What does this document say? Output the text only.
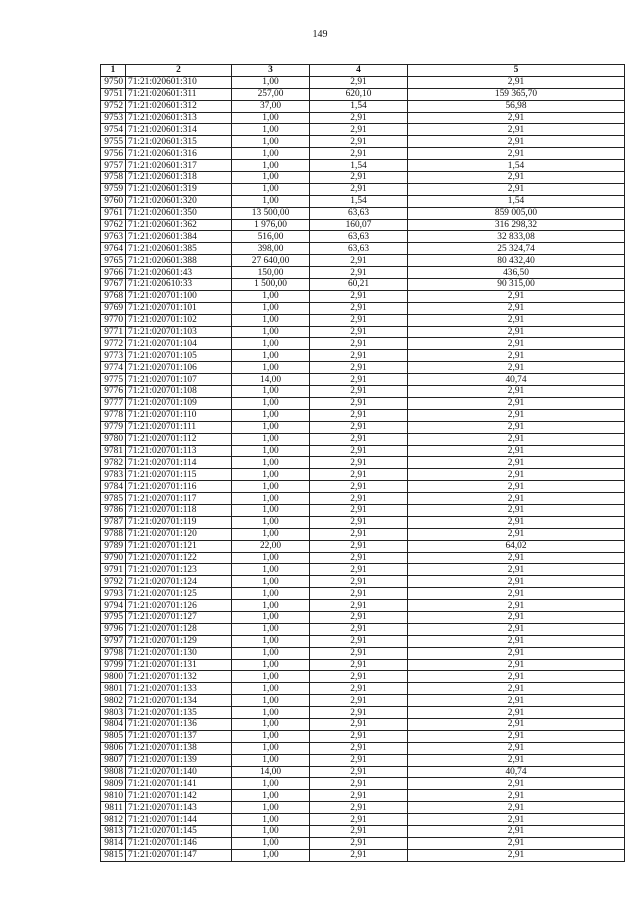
149
1	2	3	4	5
9750	71:21:020601:310	1,00	2,91	2,91
9751	71:21:020601:311	257,00	620,10	159 365,70
9752	71:21:020601:312	37,00	1,54	56,98
9753	71:21:020601:313	1,00	2,91	2,91
9754	71:21:020601:314	1,00	2,91	2,91
9755	71:21:020601:315	1,00	2,91	2,91
9756	71:21:020601:316	1,00	2,91	2,91
9757	71:21:020601:317	1,00	1,54	1,54
9758	71:21:020601:318	1,00	2,91	2,91
9759	71:21:020601:319	1,00	2,91	2,91
9760	71:21:020601:320	1,00	1,54	1,54
9761	71:21:020601:350	13 500,00	63,63	859 005,00
9762	71:21:020601:362	1 976,00	160,07	316 298,32
9763	71:21:020601:384	516,00	63,63	32 833,08
9764	71:21:020601:385	398,00	63,63	25 324,74
9765	71:21:020601:388	27 640,00	2,91	80 432,40
9766	71:21:020601:43	150,00	2,91	436,50
9767	71:21:020610:33	1 500,00	60,21	90 315,00
9768	71:21:020701:100	1,00	2,91	2,91
9769	71:21:020701:101	1,00	2,91	2,91
9770	71:21:020701:102	1,00	2,91	2,91
9771	71:21:020701:103	1,00	2,91	2,91
9772	71:21:020701:104	1,00	2,91	2,91
9773	71:21:020701:105	1,00	2,91	2,91
9774	71:21:020701:106	1,00	2,91	2,91
9775	71:21:020701:107	14,00	2,91	40,74
9776	71:21:020701:108	1,00	2,91	2,91
9777	71:21:020701:109	1,00	2,91	2,91
9778	71:21:020701:110	1,00	2,91	2,91
9779	71:21:020701:111	1,00	2,91	2,91
9780	71:21:020701:112	1,00	2,91	2,91
9781	71:21:020701:113	1,00	2,91	2,91
9782	71:21:020701:114	1,00	2,91	2,91
9783	71:21:020701:115	1,00	2,91	2,91
9784	71:21:020701:116	1,00	2,91	2,91
9785	71:21:020701:117	1,00	2,91	2,91
9786	71:21:020701:118	1,00	2,91	2,91
9787	71:21:020701:119	1,00	2,91	2,91
9788	71:21:020701:120	1,00	2,91	2,91
9789	71:21:020701:121	22,00	2,91	64,02
9790	71:21:020701:122	1,00	2,91	2,91
9791	71:21:020701:123	1,00	2,91	2,91
9792	71:21:020701:124	1,00	2,91	2,91
9793	71:21:020701:125	1,00	2,91	2,91
9794	71:21:020701:126	1,00	2,91	2,91
9795	71:21:020701:127	1,00	2,91	2,91
9796	71:21:020701:128	1,00	2,91	2,91
9797	71:21:020701:129	1,00	2,91	2,91
9798	71:21:020701:130	1,00	2,91	2,91
9799	71:21:020701:131	1,00	2,91	2,91
9800	71:21:020701:132	1,00	2,91	2,91
9801	71:21:020701:133	1,00	2,91	2,91
9802	71:21:020701:134	1,00	2,91	2,91
9803	71:21:020701:135	1,00	2,91	2,91
9804	71:21:020701:136	1,00	2,91	2,91
9805	71:21:020701:137	1,00	2,91	2,91
9806	71:21:020701:138	1,00	2,91	2,91
9807	71:21:020701:139	1,00	2,91	2,91
9808	71:21:020701:140	14,00	2,91	40,74
9809	71:21:020701:141	1,00	2,91	2,91
9810	71:21:020701:142	1,00	2,91	2,91
9811	71:21:020701:143	1,00	2,91	2,91
9812	71:21:020701:144	1,00	2,91	2,91
9813	71:21:020701:145	1,00	2,91	2,91
9814	71:21:020701:146	1,00	2,91	2,91
9815	71:21:020701:147	1,00	2,91	2,91
